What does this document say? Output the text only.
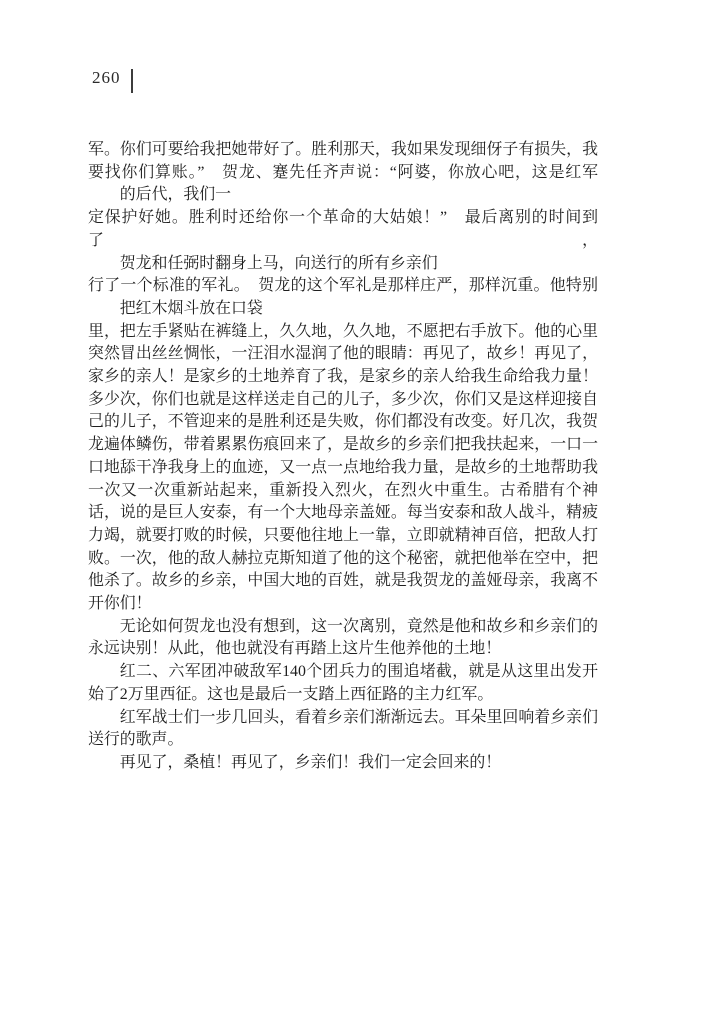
260
军。你们可要给我把她带好了。胜利那天，我如果发现细伢子有损失，我
要找你们算账。”　贺龙、蹇先任齐声说：“阿婆，你放心吧，这是红军
的后代，我们一
定保护好她。胜利时还给你一个革命的大姑娘！”　最后离别的时间到了，
贺龙和任弼时翻身上马，向送行的所有乡亲们
行了一个标准的军礼。　贺龙的这个军礼是那样庄严，那样沉重。他特别
把红木烟斗放在口袋
里，把左手紧贴在裤缝上，久久地，久久地，不愿把右手放下。他的心里
突然冒出丝丝惆怅，一汪泪水湿润了他的眼睛：再见了，故乡！再见了，
家乡的亲人！是家乡的土地养育了我，是家乡的亲人给我生命给我力量！
多少次，你们也就是这样送走自己的儿子，多少次，你们又是这样迎接自
己的儿子，不管迎来的是胜利还是失败，你们都没有改变。好几次，我贺
龙遍体鳞伤，带着累累伤痕回来了，是故乡的乡亲们把我扶起来，一口一
口地舔干净我身上的血迹，又一点一点地给我力量，是故乡的土地帮助我
一次又一次重新站起来，重新投入烈火，在烈火中重生。古希腊有个神
话，说的是巨人安泰，有一个大地母亲盖娅。每当安泰和敌人战斗，精疲
力竭，就要打败的时候，只要他往地上一靠，立即就精神百倍，把敌人打
败。一次，他的敌人赫拉克斯知道了他的这个秘密，就把他举在空中，把
他杀了。故乡的乡亲，中国大地的百姓，就是我贺龙的盖娅母亲，我离不
开你们！
无论如何贺龙也没有想到，这一次离别，竟然是他和故乡和乡亲们的
永远诀别！从此，他也就没有再踏上这片生他养他的土地！
红二、六军团冲破敌军140个团兵力的围追堵截，就是从这里出发开
始了2万里西征。这也是最后一支踏上西征路的主力红军。
红军战士们一步几回头，看着乡亲们渐渐远去。耳朵里回响着乡亲们
送行的歌声。
再见了，桑植！再见了，乡亲们！我们一定会回来的！
